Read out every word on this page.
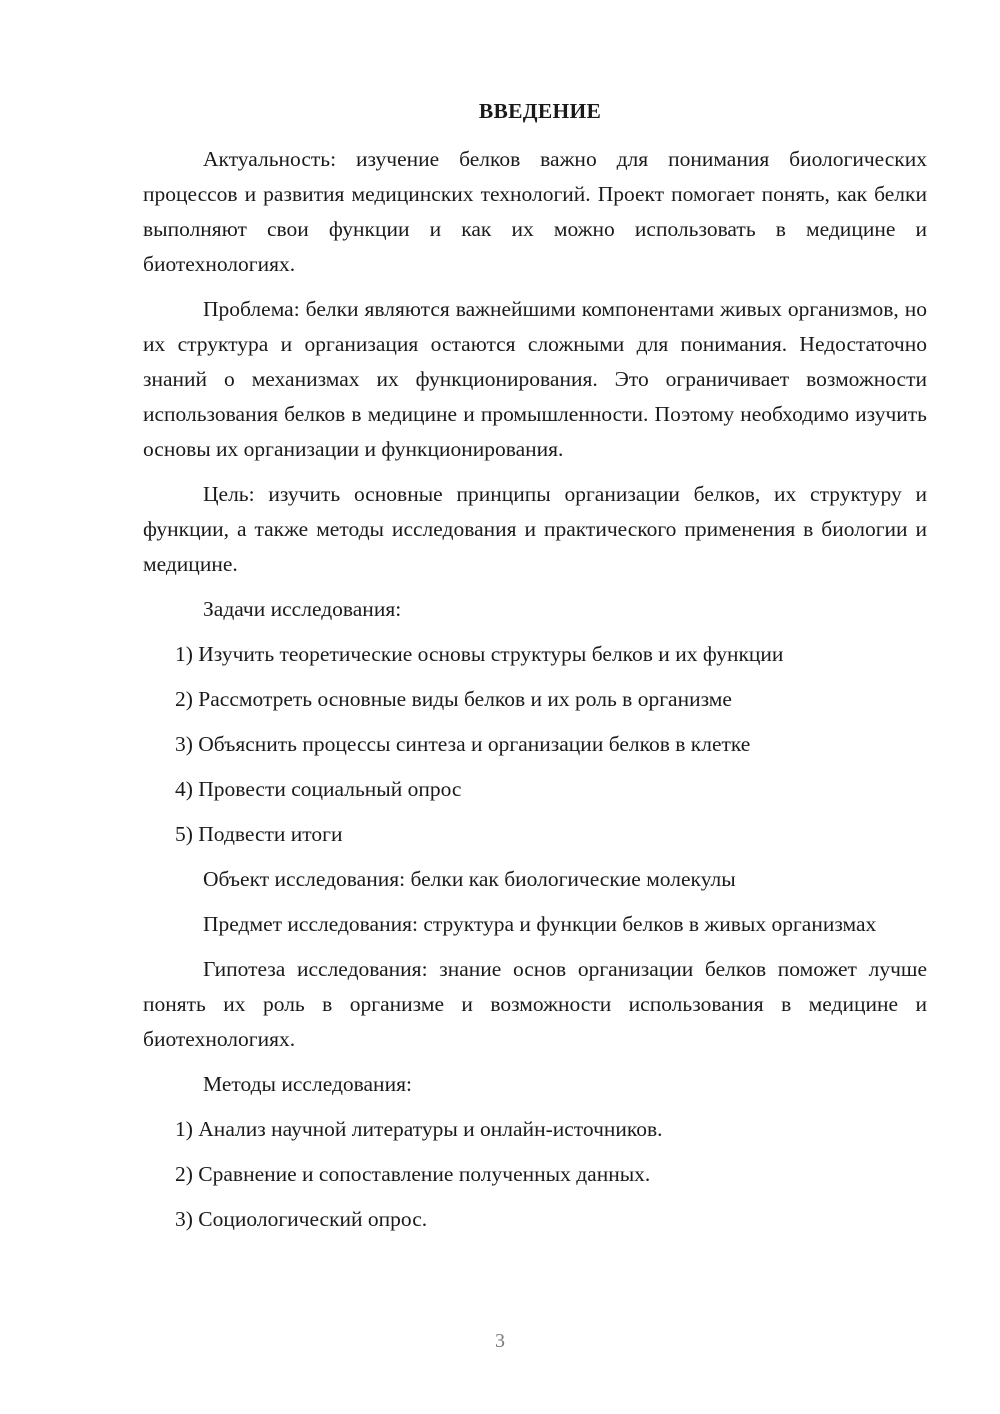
ВВЕДЕНИЕ

Актуальность: изучение белков важно для понимания биологических процессов и развития медицинских технологий. Проект помогает понять, как белки выполняют свои функции и как их можно использовать в медицине и биотехнологиях.

Проблема: белки являются важнейшими компонентами живых организмов, но их структура и организация остаются сложными для понимания. Недостаточно знаний о механизмах их функционирования. Это ограничивает возможности использования белков в медицине и промышленности. Поэтому необходимо изучить основы их организации и функционирования.

Цель: изучить основные принципы организации белков, их структуру и функции, а также методы исследования и практического применения в биологии и медицине.

Задачи исследования:
1) Изучить теоретические основы структуры белков и их функции
2) Рассмотреть основные виды белков и их роль в организме
3) Объяснить процессы синтеза и организации белков в клетке
4) Провести социальный опрос
5) Подвести итоги
Объект исследования: белки как биологические молекулы

Предмет исследования: структура и функции белков в живых организмах

Гипотеза исследования: знание основ организации белков поможет лучше понять их роль в организме и возможности использования в медицине и биотехнологиях.

Методы исследования:
1) Анализ научной литературы и онлайн-источников.
2) Сравнение и сопоставление полученных данных.
3) Социологический опрос.
3
